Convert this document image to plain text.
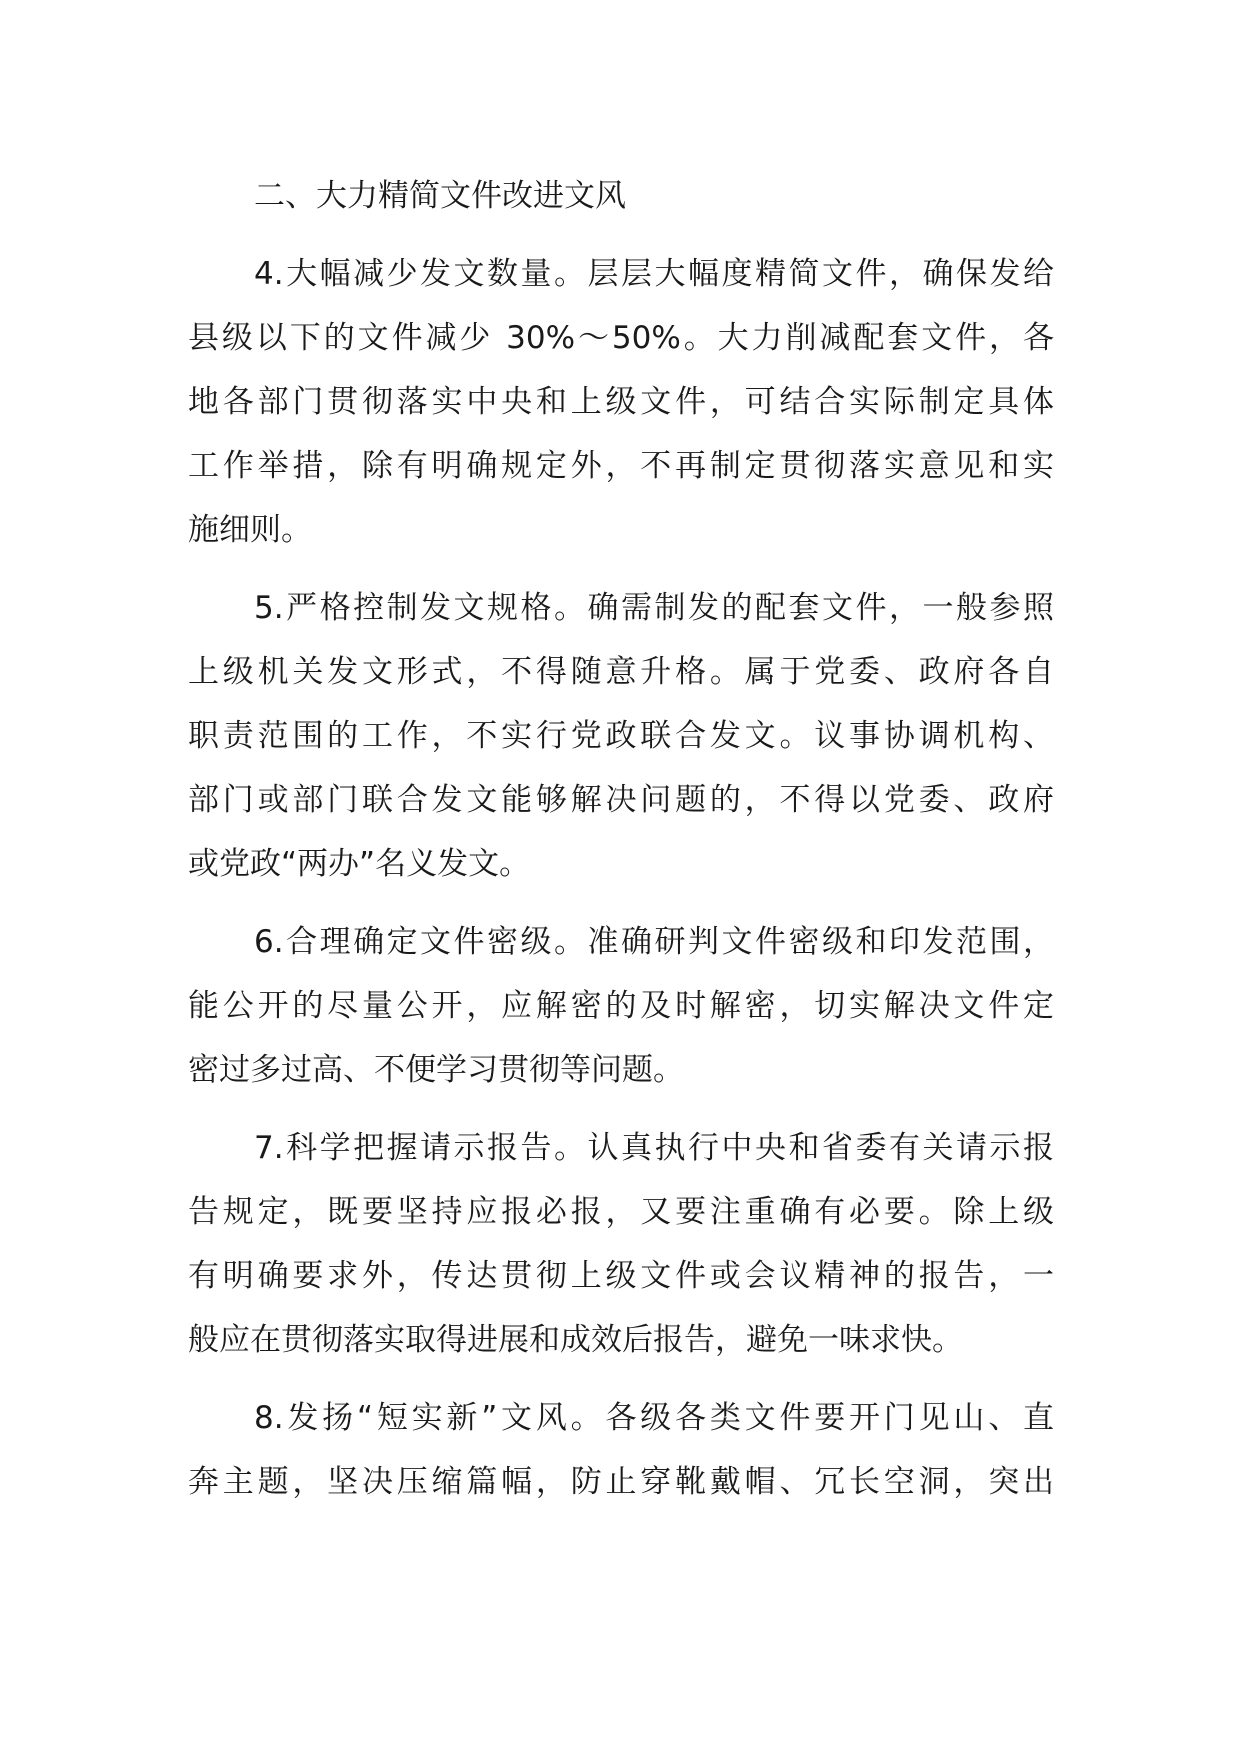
二、大力精简文件改进文风
4.大幅减少发文数量。层层大幅度精简文件，确保发给
县级以下的文件减少 30%～50%。大力削减配套文件，各
地各部门贯彻落实中央和上级文件，可结合实际制定具体
工作举措，除有明确规定外，不再制定贯彻落实意见和实
施细则。
5.严格控制发文规格。确需制发的配套文件，一般参照
上级机关发文形式，不得随意升格。属于党委、政府各自
职责范围的工作，不实行党政联合发文。议事协调机构、
部门或部门联合发文能够解决问题的，不得以党委、政府
或党政“两办”名义发文。
6.合理确定文件密级。准确研判文件密级和印发范围，
能公开的尽量公开，应解密的及时解密，切实解决文件定
密过多过高、不便学习贯彻等问题。
7.科学把握请示报告。认真执行中央和省委有关请示报
告规定，既要坚持应报必报，又要注重确有必要。除上级
有明确要求外，传达贯彻上级文件或会议精神的报告，一
般应在贯彻落实取得进展和成效后报告，避免一味求快。
8.发扬“短实新”文风。各级各类文件要开门见山、直
奔主题，坚决压缩篇幅，防止穿靴戴帽、冗长空洞，突出
